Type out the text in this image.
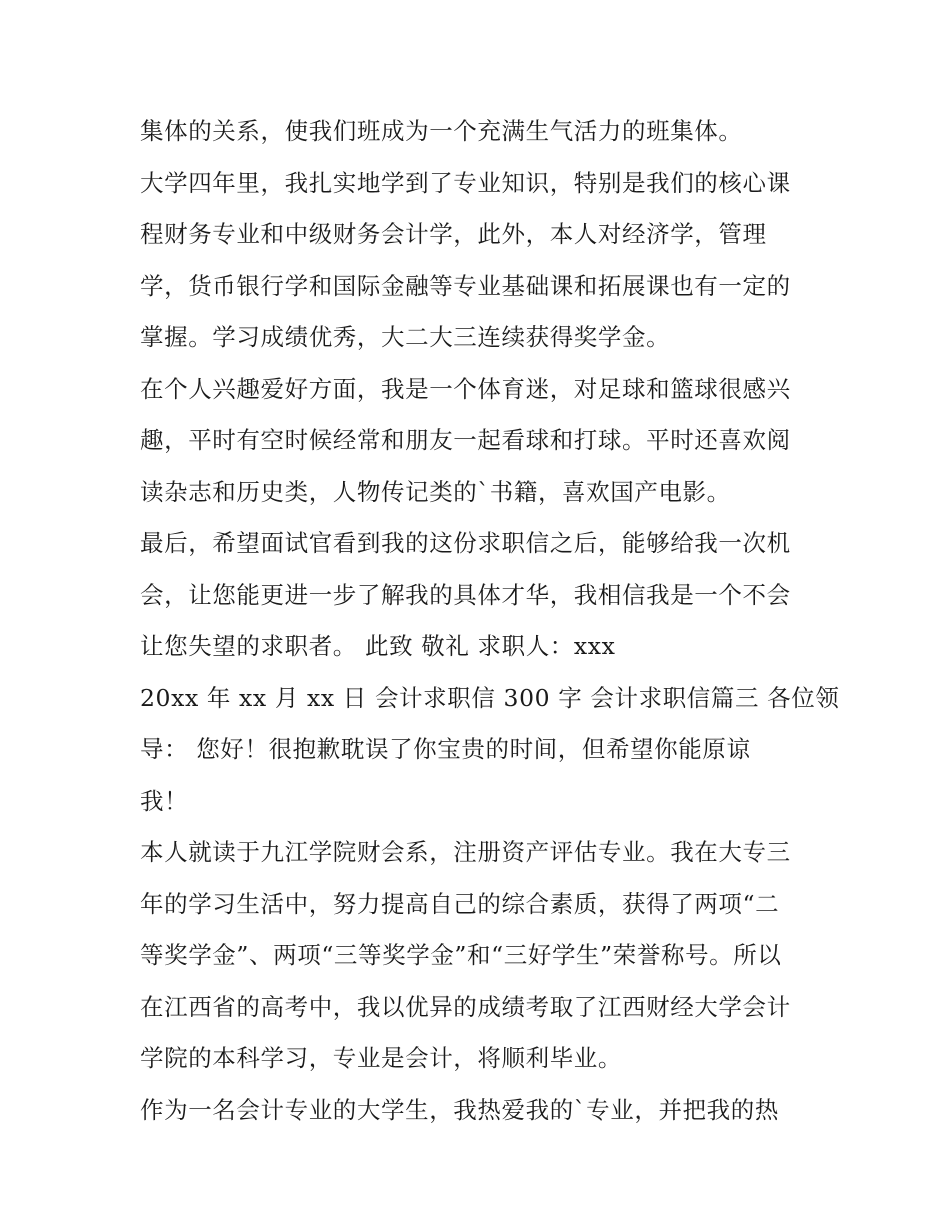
集体的关系，使我们班成为一个充满生气活力的班集体。
大学四年里，我扎实地学到了专业知识，特别是我们的核心课
程财务专业和中级财务会计学，此外，本人对经济学，管理
学，货币银行学和国际金融等专业基础课和拓展课也有一定的
掌握。学习成绩优秀，大二大三连续获得奖学金。
在个人兴趣爱好方面，我是一个体育迷，对足球和篮球很感兴
趣，平时有空时候经常和朋友一起看球和打球。平时还喜欢阅
读杂志和历史类，人物传记类的`书籍，喜欢国产电影。
最后，希望面试官看到我的这份求职信之后，能够给我一次机
会，让您能更进一步了解我的具体才华，我相信我是一个不会
让您失望的求职者。 此致 敬礼 求职人：xxx
20xx 年 xx 月 xx 日 会计求职信 300 字 会计求职信篇三 各位领
导： 您好！很抱歉耽误了你宝贵的时间，但希望你能原谅
我！
本人就读于九江学院财会系，注册资产评估专业。我在大专三
年的学习生活中，努力提高自己的综合素质，获得了两项“二
等奖学金”、两项“三等奖学金”和“三好学生”荣誉称号。所以
在江西省的高考中，我以优异的成绩考取了江西财经大学会计
学院的本科学习，专业是会计，将顺利毕业。
作为一名会计专业的大学生，我热爱我的`专业，并把我的热
